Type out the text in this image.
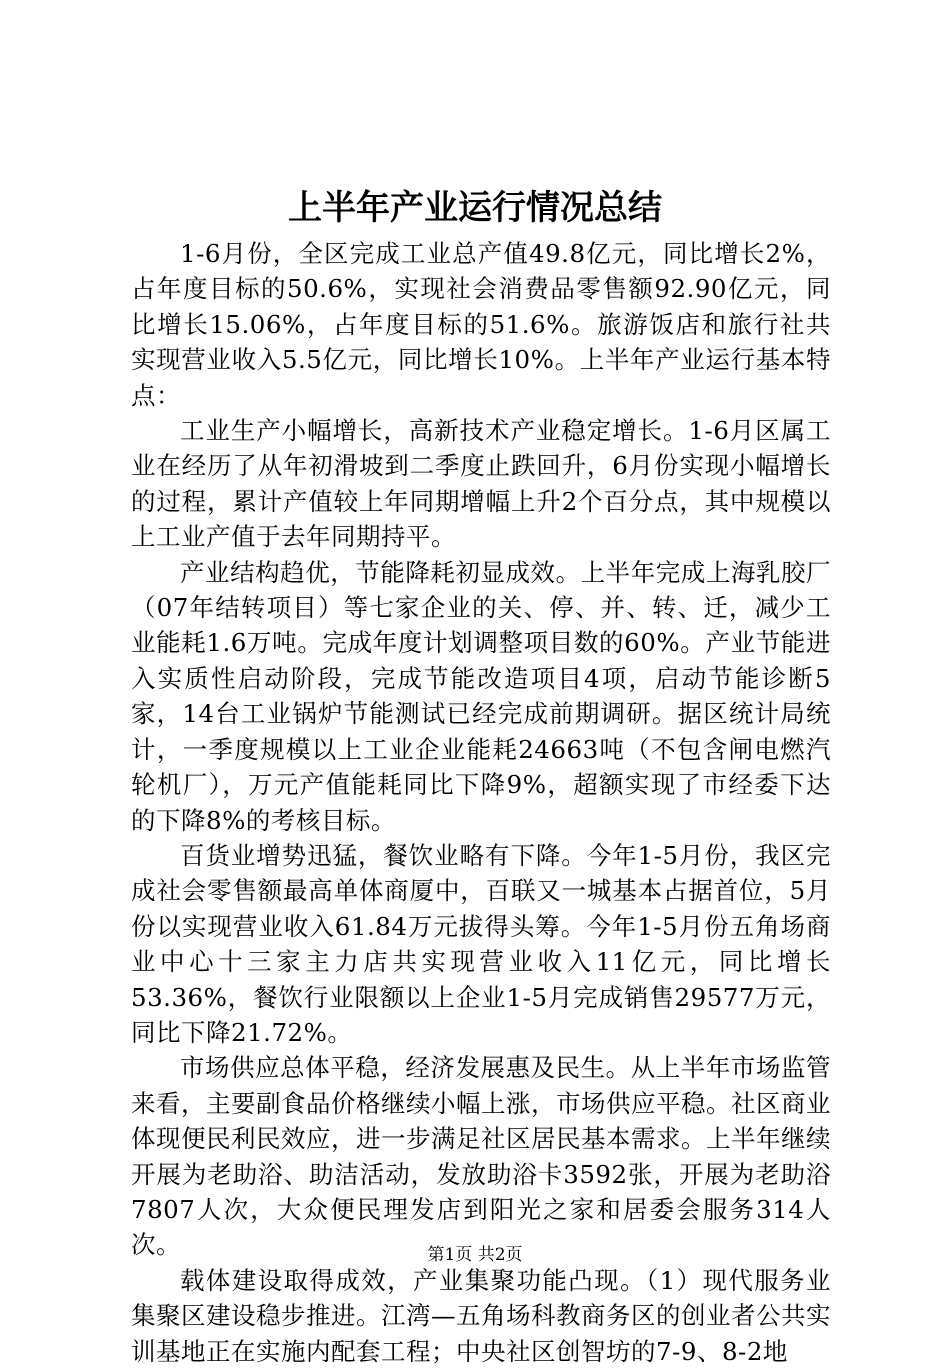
上半年产业运行情况总结

1-6月份，全区完成工业总产值49.8亿元，同比增长2%，占年度目标的50.6%，实现社会消费品零售额92.90亿元，同比增长15.06%，占年度目标的51.6%。旅游饭店和旅行社共实现营业收入5.5亿元，同比增长10%。上半年产业运行基本特点：

工业生产小幅增长，高新技术产业稳定增长。1-6月区属工业在经历了从年初滑坡到二季度止跌回升，6月份实现小幅增长的过程，累计产值较上年同期增幅上升2个百分点，其中规模以上工业产值于去年同期持平。

产业结构趋优，节能降耗初显成效。上半年完成上海乳胶厂（07年结转项目）等七家企业的关、停、并、转、迁，减少工业能耗1.6万吨。完成年度计划调整项目数的60%。产业节能进入实质性启动阶段，完成节能改造项目4项，启动节能诊断5家，14台工业锅炉节能测试已经完成前期调研。据区统计局统计，一季度规模以上工业企业能耗24663吨（不包含闸电燃汽轮机厂），万元产值能耗同比下降9%，超额实现了市经委下达的下降8%的考核目标。

百货业增势迅猛，餐饮业略有下降。今年1-5月份，我区完成社会零售额最高单体商厦中，百联又一城基本占据首位，5月份以实现营业收入61.84万元拔得头筹。今年1-5月份五角场商业中心十三家主力店共实现营业收入11亿元，同比增长53.36%，餐饮行业限额以上企业1-5月完成销售29577万元，同比下降21.72%。

市场供应总体平稳，经济发展惠及民生。从上半年市场监管来看，主要副食品价格继续小幅上涨，市场供应平稳。社区商业体现便民利民效应，进一步满足社区居民基本需求。上半年继续开展为老助浴、助洁活动，发放助浴卡3592张，开展为老助浴7807人次，大众便民理发店到阳光之家和居委会服务314人次。

载体建设取得成效，产业集聚功能凸现。（1）现代服务业集聚区建设稳步推进。江湾—五角场科教商务区的创业者公共实训基地正在实施内配套工程；中央社区创智坊的7-9、8-2地

第1页 共2页
